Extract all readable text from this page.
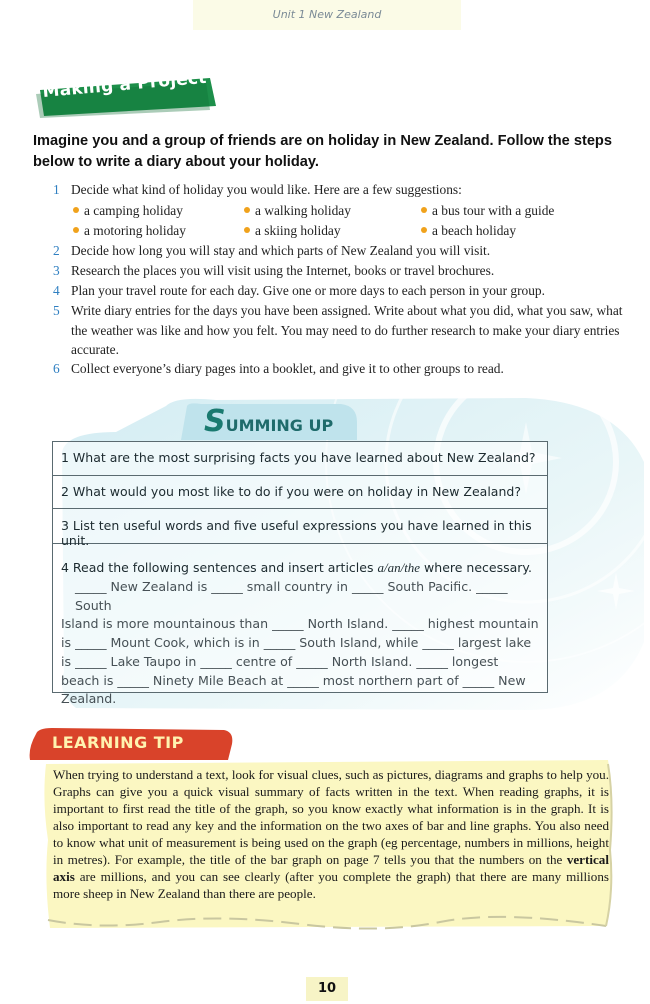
Unit 1 New Zealand
Making a Project
Imagine you and a group of friends are on holiday in New Zealand. Follow the steps below to write a diary about your holiday.
1 Decide what kind of holiday you would like. Here are a few suggestions:
a camping holiday	a walking holiday	a bus tour with a guide
a motoring holiday	a skiing holiday	a beach holiday
2 Decide how long you will stay and which parts of New Zealand you will visit.
3 Research the places you will visit using the Internet, books or travel brochures.
4 Plan your travel route for each day. Give one or more days to each person in your group.
5 Write diary entries for the days you have been assigned. Write about what you did, what you saw, what the weather was like and how you felt. You may need to do further research to make your diary entries accurate.
6 Collect everyone’s diary pages into a booklet, and give it to other groups to read.
SUMMING UP
1 What are the most surprising facts you have learned about New Zealand?
2 What would you most like to do if you were on holiday in New Zealand?
3 List ten useful words and five useful expressions you have learned in this unit.
4 Read the following sentences and insert articles a/an/the where necessary.
_____ New Zealand is _____ small country in _____ South Pacific. _____ South
Island is more mountainous than _____ North Island. _____ highest mountain
is _____ Mount Cook, which is in _____ South Island, while _____ largest lake
is _____ Lake Taupo in _____ centre of _____ North Island. _____ longest
beach is _____ Ninety Mile Beach at _____ most northern part of _____ New
Zealand.
LEARNING TIP
When trying to understand a text, look for visual clues, such as pictures, diagrams and graphs to help you. Graphs can give you a quick visual summary of facts written in the text. When reading graphs, it is important to first read the title of the graph, so you know exactly what information is in the graph. It is also important to read any key and the information on the two axes of bar and line graphs. You also need to know what unit of measurement is being used on the graph (eg percentage, numbers in millions, height in metres). For example, the title of the bar graph on page 7 tells you that the numbers on the vertical axis are millions, and you can see clearly (after you complete the graph) that there are many millions more sheep in New Zealand than there are people.
10
